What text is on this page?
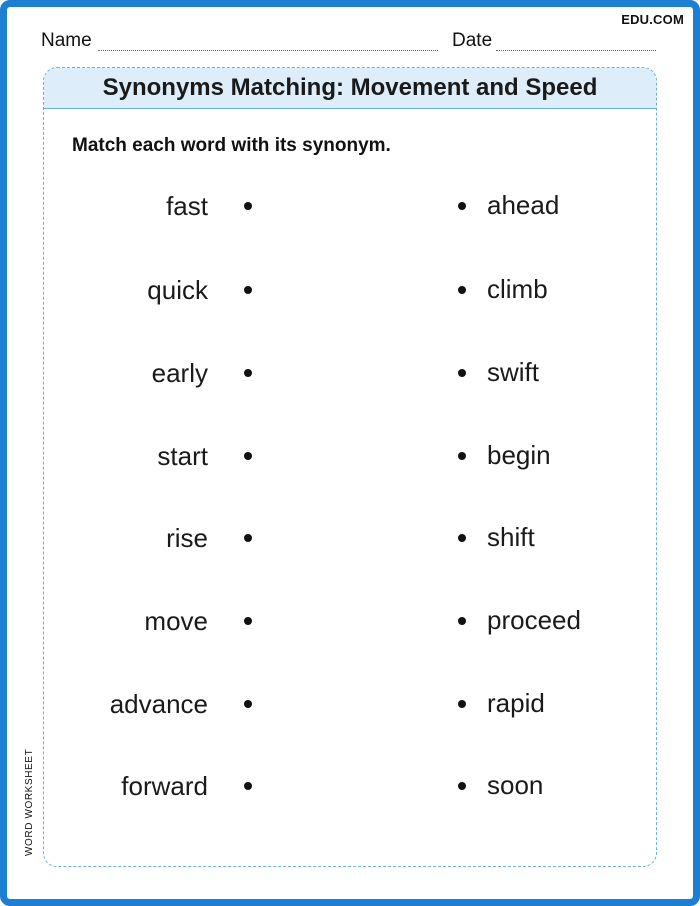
EDU.COM
Name	Date
Synonyms Matching: Movement and Speed
Match each word with its synonym.
fast	ahead
quick	climb
early	swift
start	begin
rise	shift
move	proceed
advance	rapid
forward	soon
WORD WORKSHEET
